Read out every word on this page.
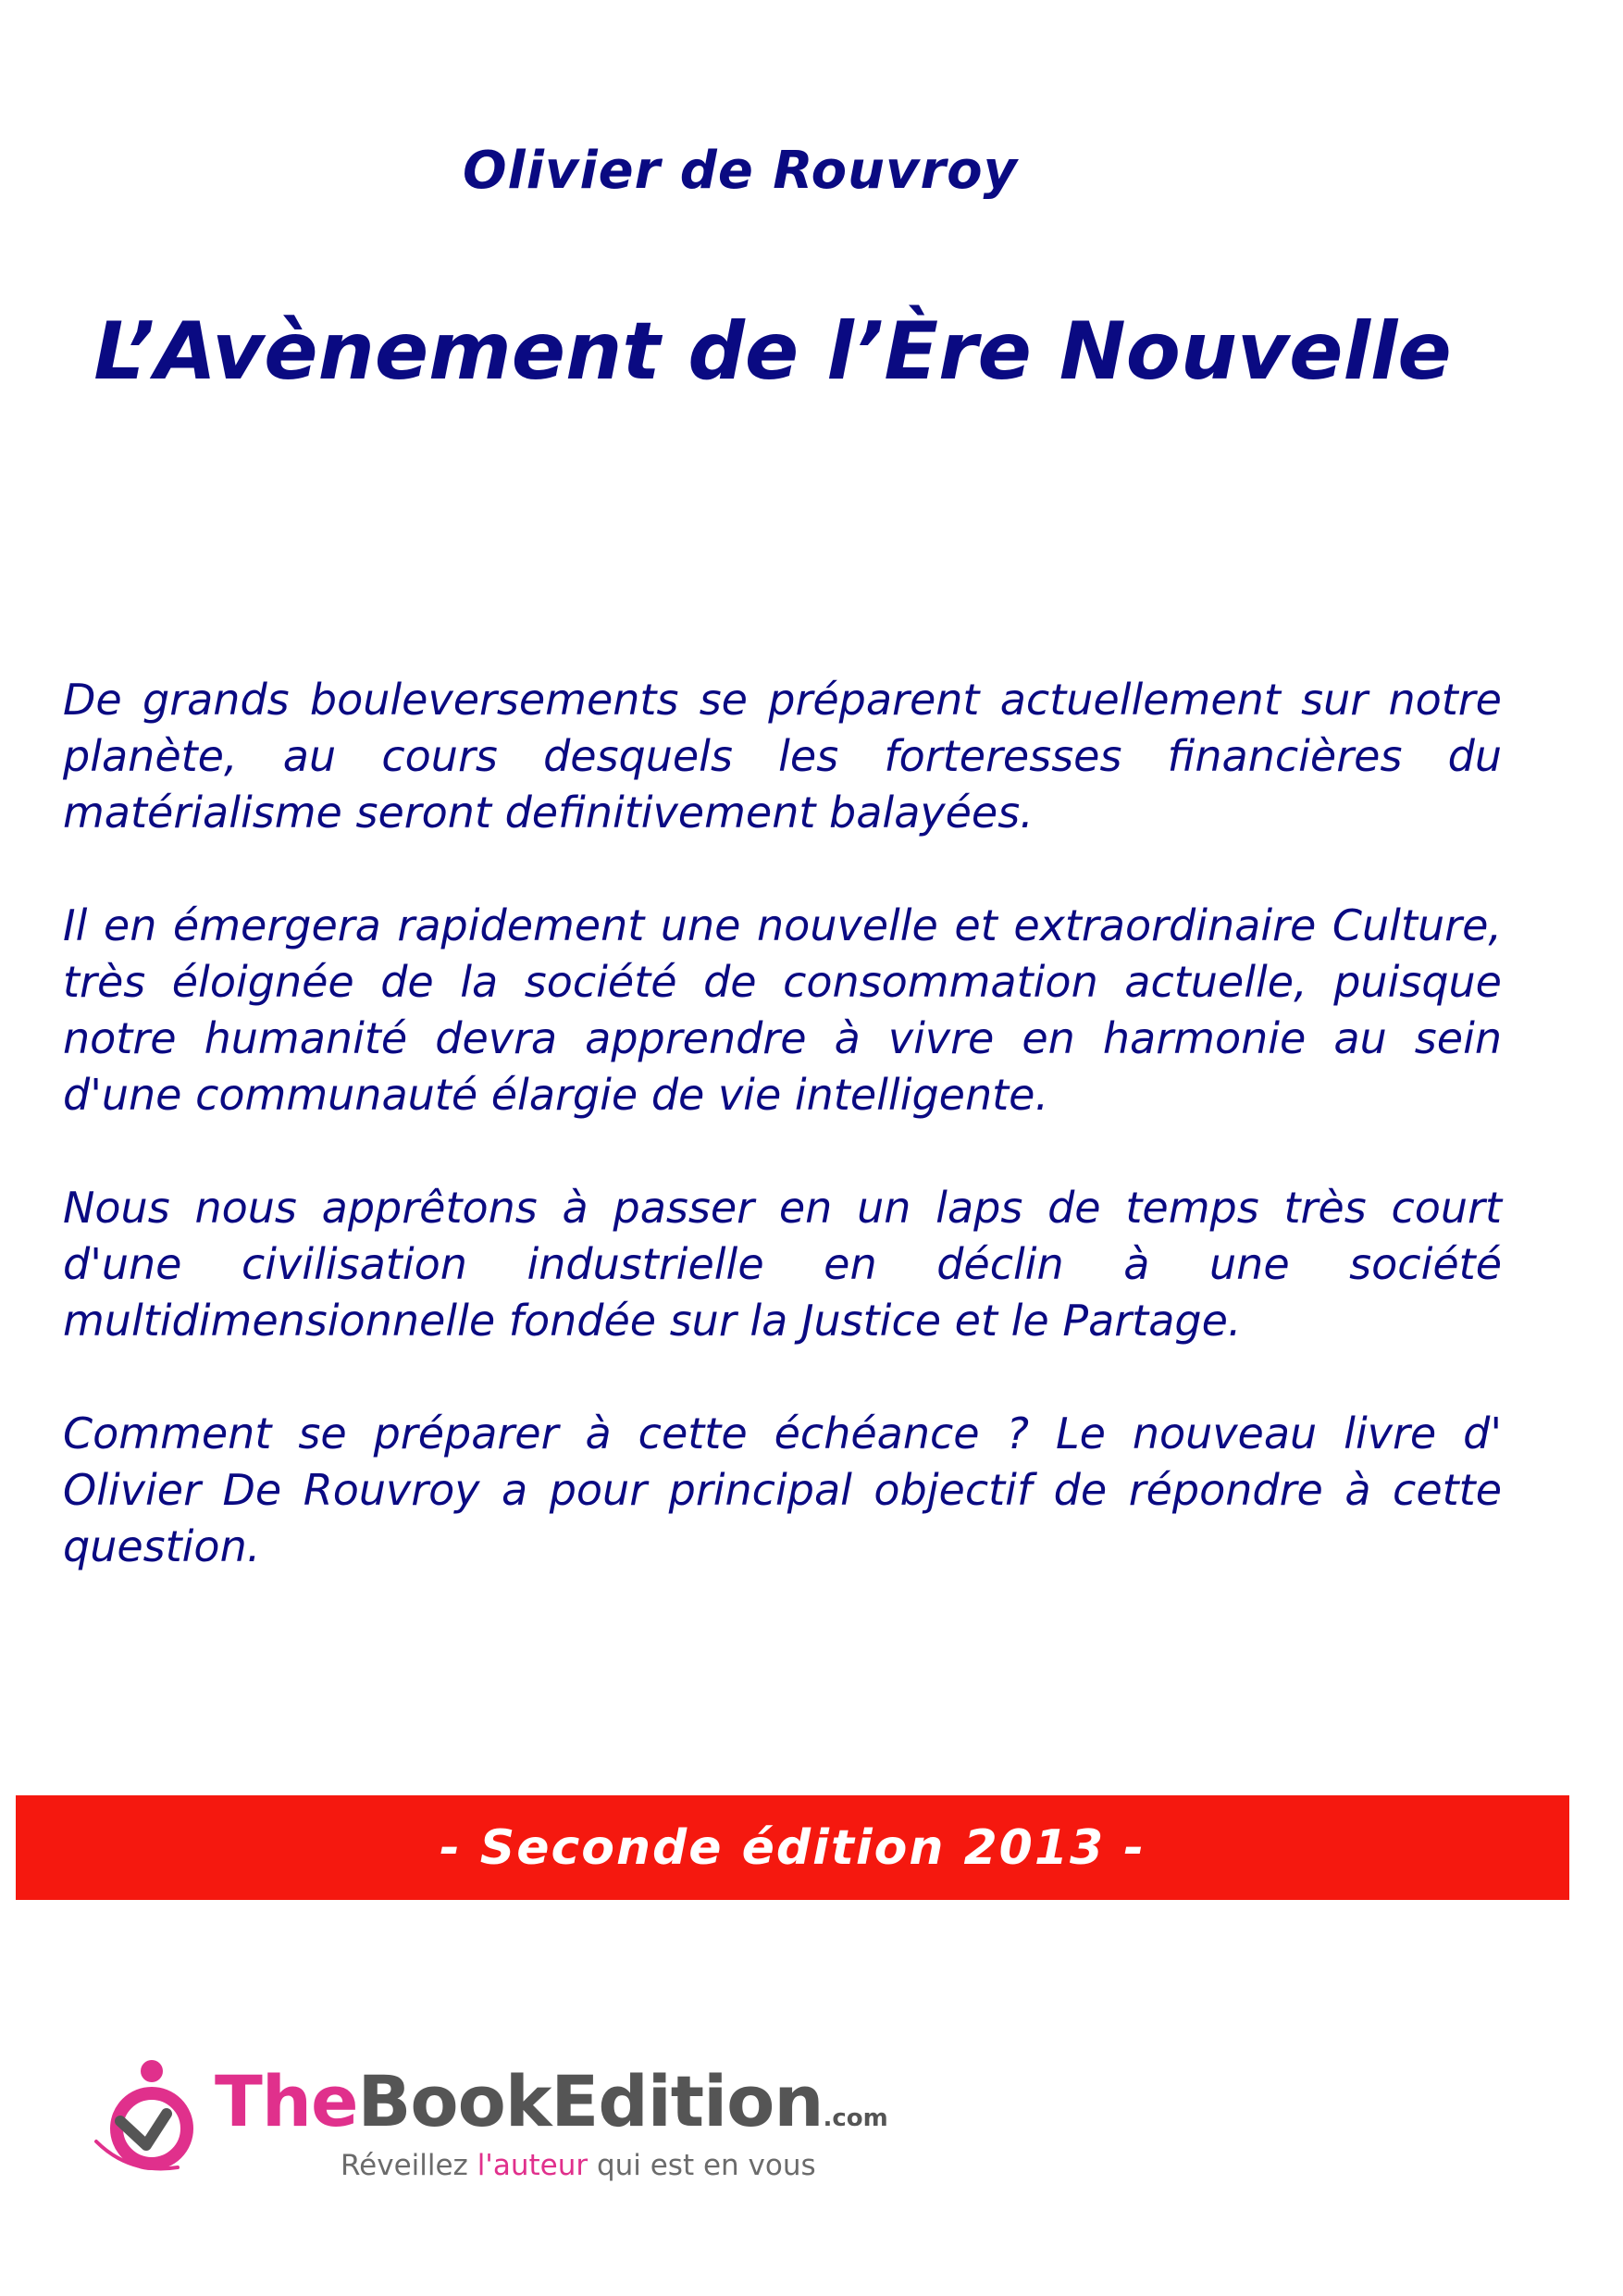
Olivier de Rouvroy
L’Avènement de l’Ère Nouvelle

De grands bouleversements se préparent actuellement sur notre planète, au cours desquels les forteresses financières du matérialisme seront definitivement balayées.

Il en émergera rapidement une nouvelle et extraordinaire Culture, très éloignée de la société de consommation actuelle, puisque notre humanité devra apprendre à vivre en harmonie au sein d'une communauté élargie de vie intelligente.

Nous nous apprêtons à passer en un laps de temps très court d'une civilisation industrielle en déclin à une société multidimensionnelle fondée sur la Justice et le Partage.

Comment se préparer à cette échéance ? Le nouveau livre d' Olivier De Rouvroy a pour principal objectif de répondre à cette question.

- Seconde édition 2013 -
TheBookEdition.com
Réveillez l'auteur qui est en vous
